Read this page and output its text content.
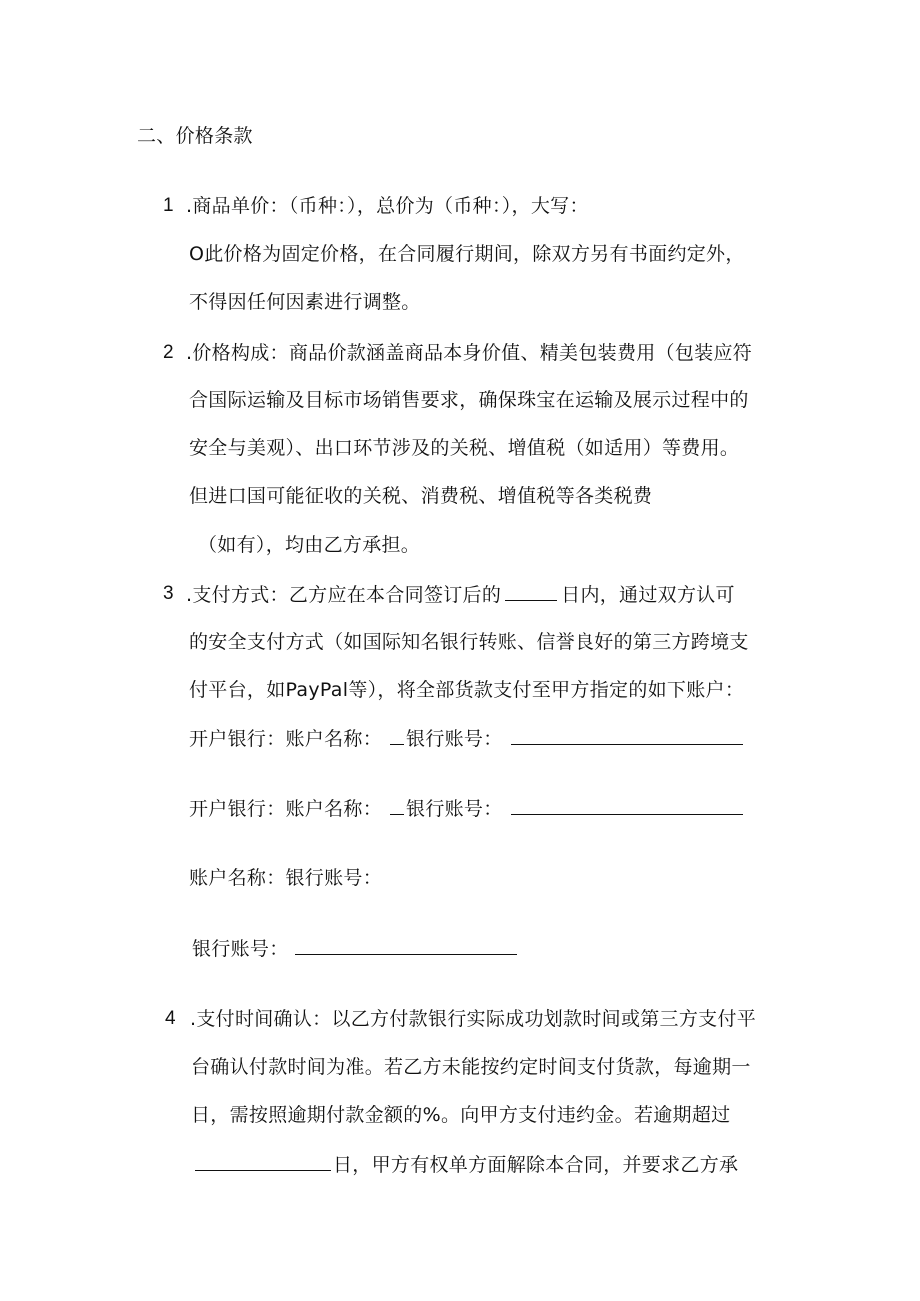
二、价格条款
1 .商品单价：（币种：），总价为（币种：），大写：
O此价格为固定价格，在合同履行期间，除双方另有书面约定外，
不得因任何因素进行调整。
2 .价格构成：商品价款涵盖商品本身价值、精美包装费用（包装应符
合国际运输及目标市场销售要求，确保珠宝在运输及展示过程中的
安全与美观）、出口环节涉及的关税、增值税（如适用）等费用。
但进口国可能征收的关税、消费税、增值税等各类税费
（如有），均由乙方承担。
3 .支付方式：乙方应在本合同签订后的	日内，通过双方认可
的安全支付方式（如国际知名银行转账、信誉良好的第三方跨境支
付平台，如PayPal等），将全部货款支付至甲方指定的如下账户：
开户银行：账户名称： 银行账号：
开户银行：账户名称： 银行账号：
账户名称：银行账号：
银行账号：
4 .支付时间确认：以乙方付款银行实际成功划款时间或第三方支付平
台确认付款时间为准。若乙方未能按约定时间支付货款，每逾期一
日，需按照逾期付款金额的%。向甲方支付违约金。若逾期超过
日，甲方有权单方面解除本合同，并要求乙方承
